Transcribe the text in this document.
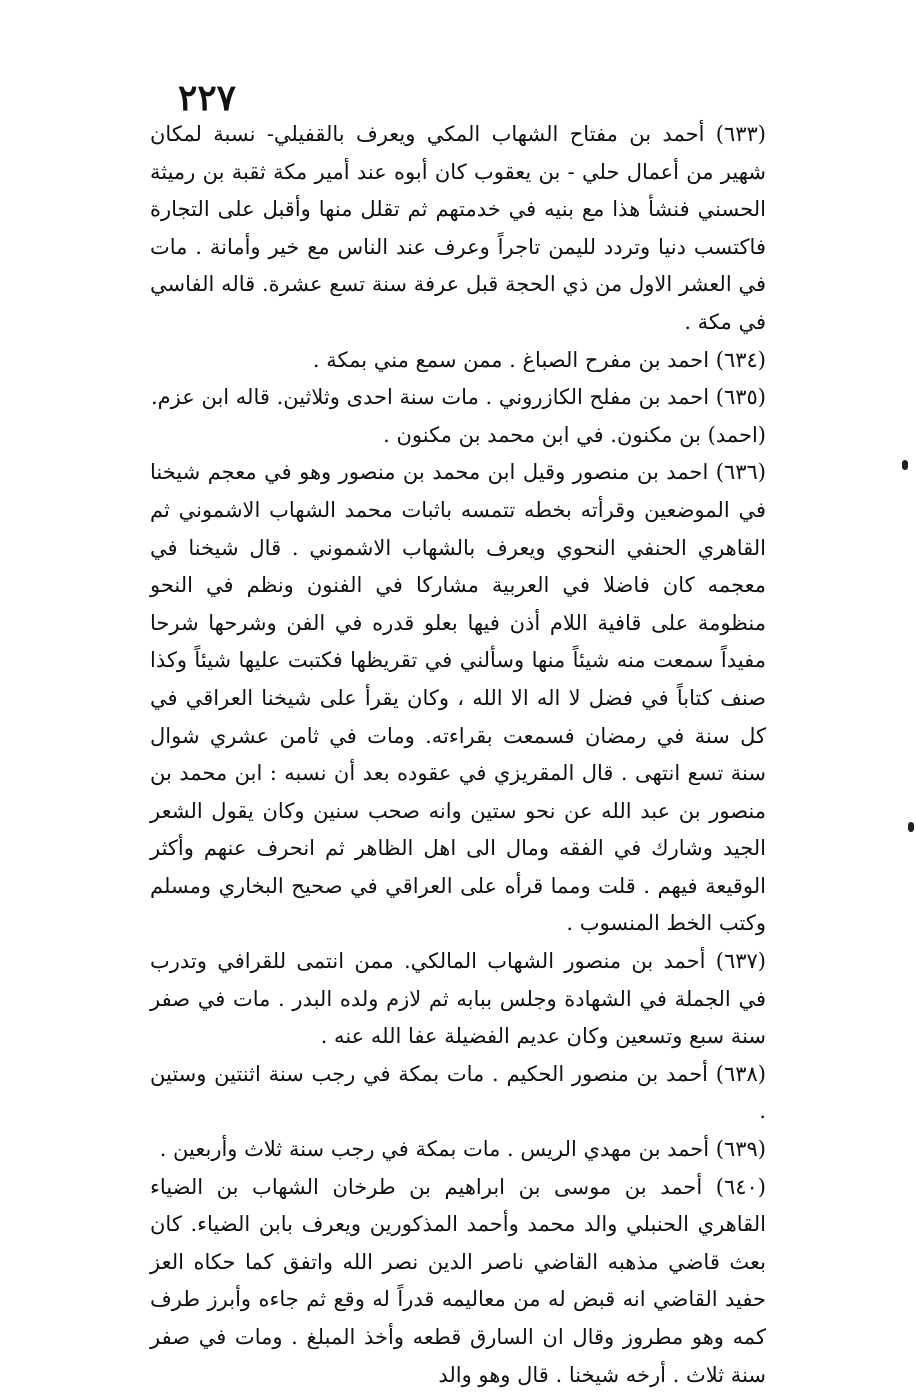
٢٢٧

(٦٣٣) أحمد بن مفتاح الشهاب المكي ويعرف بالقفيلي- نسبة لمكان شهير من أعمال حلي - بن يعقوب كان أبوه عند أمير مكة ثقبة بن رميثة الحسني فنشأ هذا مع بنيه في خدمتهم ثم تقلل منها وأقبل على التجارة فاكتسب دنيا وتردد لليمن تاجراً وعرف عند الناس مع خير وأمانة . مات في العشر الاول من ذي الحجة قبل عرفة سنة تسع عشرة. قاله الفاسي في مكة .

(٦٣٤) احمد بن مفرح الصباغ . ممن سمع مني بمكة .

(٦٣٥) احمد بن مفلح الكازروني . مات سنة احدى وثلاثين. قاله ابن عزم.

(احمد) بن مكنون. في ابن محمد بن مكنون .

(٦٣٦) احمد بن منصور وقيل ابن محمد بن منصور وهو في معجم شيخنا في الموضعين وقرأته بخطه تتمسه باثبات محمد الشهاب الاشموني ثم القاهري الحنفي النحوي ويعرف بالشهاب الاشموني . قال شيخنا في معجمه كان فاضلا في العربية مشاركا في الفنون ونظم في النحو منظومة على قافية اللام أذن فيها بعلو قدره في الفن وشرحها شرحا مفيداً سمعت منه شيئاً منها وسألني في تقريظها فكتبت عليها شيئاً وكذا صنف كتاباً في فضل لا اله الا الله ، وكان يقرأ على شيخنا العراقي في كل سنة في رمضان فسمعت بقراءته. ومات في ثامن عشري شوال سنة تسع انتهى . قال المقريزي في عقوده بعد أن نسبه : ابن محمد بن منصور بن عبد الله عن نحو ستين وانه صحب سنين وكان يقول الشعر الجيد وشارك في الفقه ومال الى اهل الظاهر ثم انحرف عنهم وأكثر الوقيعة فيهم . قلت ومما قرأه على العراقي في صحيح البخاري ومسلم وكتب الخط المنسوب .

(٦٣٧) أحمد بن منصور الشهاب المالكي. ممن انتمى للقرافي وتدرب في الجملة في الشهادة وجلس ببابه ثم لازم ولده البدر . مات في صفر سنة سبع وتسعين وكان عديم الفضيلة عفا الله عنه .

(٦٣٨) أحمد بن منصور الحكيم . مات بمكة في رجب سنة اثنتين وستين .

(٦٣٩) أحمد بن مهدي الريس . مات بمكة في رجب سنة ثلاث وأربعين .

(٦٤٠) أحمد بن موسى بن ابراهيم بن طرخان الشهاب بن الضياء القاهري الحنبلي والد محمد وأحمد المذكورين ويعرف بابن الضياء. كان بعث قاضي مذهبه القاضي ناصر الدين نصر الله واتفق كما حكاه العز حفيد القاضي انه قبض له من معاليمه قدراً له وقع ثم جاءه وأبرز طرف كمه وهو مطروز وقال ان السارق قطعه وأخذ المبلغ . ومات في صفر سنة ثلاث . أرخه شيخنا . قال وهو والد
